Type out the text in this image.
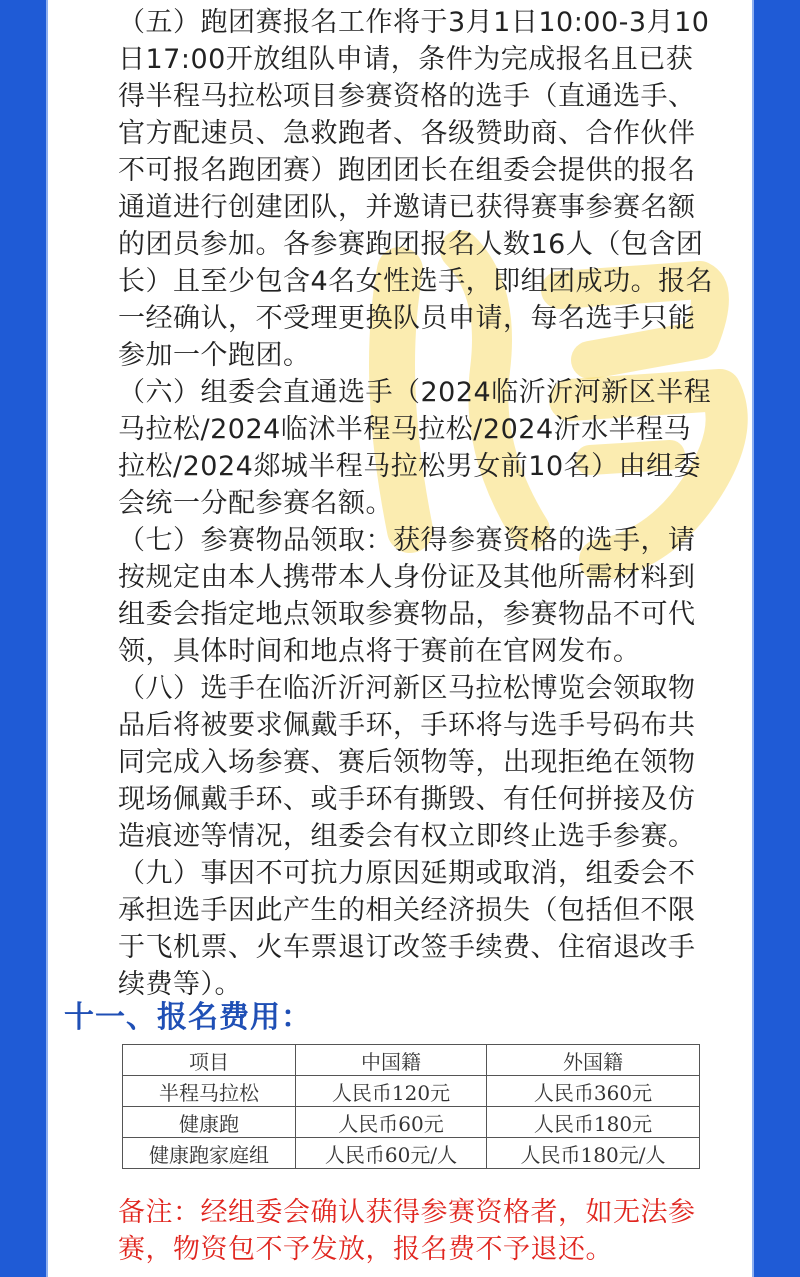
（五）跑团赛报名工作将于3月1日10:00-3月10日17:00开放组队申请，条件为完成报名且已获得半程马拉松项目参赛资格的选手（直通选手、官方配速员、急救跑者、各级赞助商、合作伙伴不可报名跑团赛）跑团团长在组委会提供的报名通道进行创建团队，并邀请已获得赛事参赛名额的团员参加。各参赛跑团报名人数16人（包含团长）且至少包含4名女性选手，即组团成功。报名一经确认，不受理更换队员申请，每名选手只能参加一个跑团。

（六）组委会直通选手（2024临沂沂河新区半程马拉松/2024临沭半程马拉松/2024沂水半程马拉松/2024郯城半程马拉松男女前10名）由组委会统一分配参赛名额。

（七）参赛物品领取：获得参赛资格的选手，请按规定由本人携带本人身份证及其他所需材料到组委会指定地点领取参赛物品，参赛物品不可代领，具体时间和地点将于赛前在官网发布。

（八）选手在临沂沂河新区马拉松博览会领取物品后将被要求佩戴手环，手环将与选手号码布共同完成入场参赛、赛后领物等，出现拒绝在领物现场佩戴手环、或手环有撕毁、有任何拼接及仿造痕迹等情况，组委会有权立即终止选手参赛。

（九）事因不可抗力原因延期或取消，组委会不承担选手因此产生的相关经济损失（包括但不限于飞机票、火车票退订改签手续费、住宿退改手续费等）。

十一、报名费用：
项目	中国籍	外国籍
半程马拉松	人民币120元	人民币360元
健康跑	人民币60元	人民币180元
健康跑家庭组	人民币60元/人	人民币180元/人
备注：经组委会确认获得参赛资格者，如无法参赛，物资包不予发放，报名费不予退还。
